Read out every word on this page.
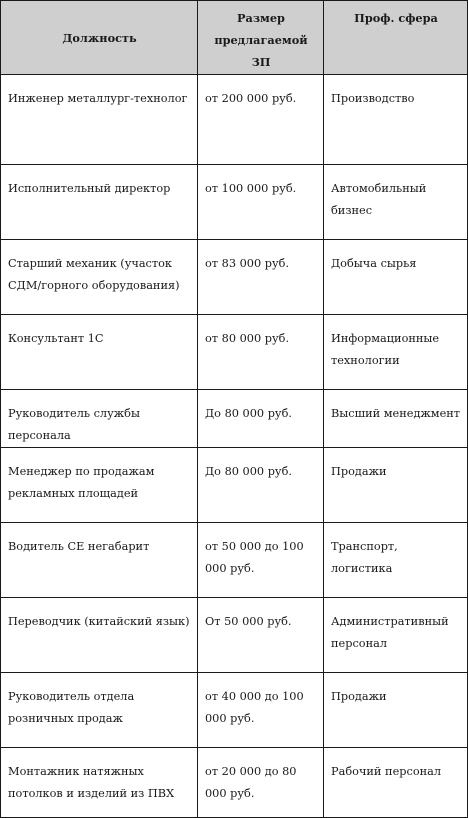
Должность	Размер предлагаемой ЗП	Проф. сфера
Инженер металлург-технолог	от 200 000 руб.	Производство
Исполнительный директор	от 100 000 руб.	Автомобильный бизнес
Старший механик (участок СДМ/горного оборудования)	от 83 000 руб.	Добыча сырья
Консультант 1С	от 80 000 руб.	Информационные технологии
Руководитель службы персонала	До 80 000 руб.	Высший менеджмент
Менеджер по продажам рекламных площадей	До 80 000 руб.	Продажи
Водитель СЕ негабарит	от 50 000 до 100 000 руб.	Транспорт, логистика
Переводчик (китайский язык)	От 50 000 руб.	Административный персонал
Руководитель отдела розничных продаж	от 40 000 до 100 000 руб.	Продажи
Монтажник натяжных потолков и изделий из ПВХ	от 20 000 до 80 000 руб.	Рабочий персонал
